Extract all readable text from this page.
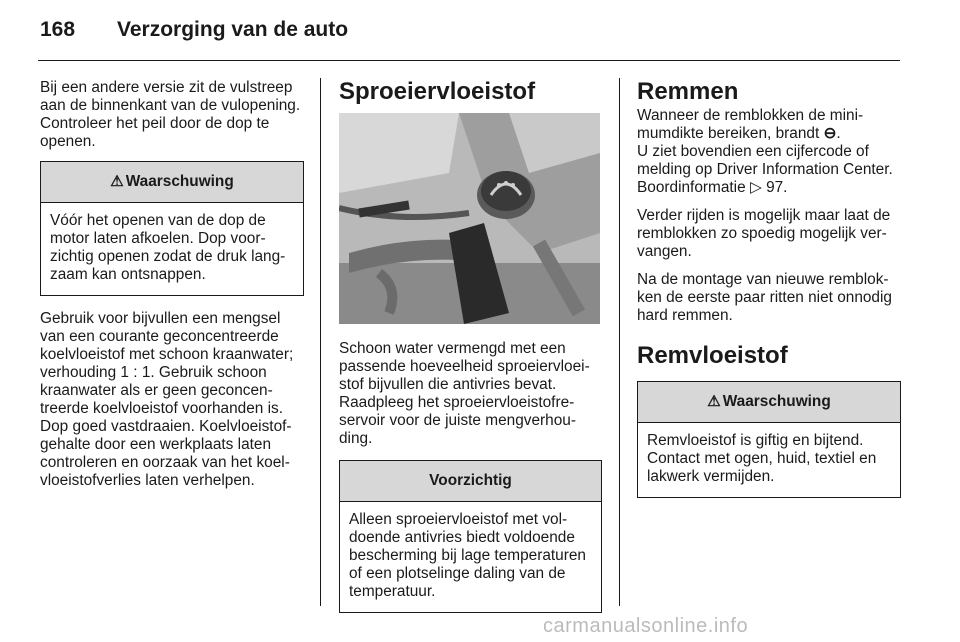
168 Verzorging van de auto

Bij een andere versie zit de vulstreep aan de binnenkant van de vulopening. Controleer het peil door de dop te openen.

⚠ Waarschuwing
Vóór het openen van de dop de motor laten afkoelen. Dop voorzichtig openen zodat de druk langzaam kan ontsnappen.

Gebruik voor bijvullen een mengsel van een courante geconcentreerde koelvloeistof met schoon kraanwater; verhouding 1 : 1. Gebruik schoon kraanwater als er geen geconcentreerde koelvloeistof voorhanden is. Dop goed vastdraaien. Koelvloeistofgehalte door een werkplaats laten controleren en oorzaak van het koelvloeistofverlies laten verhelpen.

Sproeiervloeistof

Schoon water vermengd met een passende hoeveelheid sproeiervloeistof bijvullen die antivries bevat. Raadpleeg het sproeiervloeistofreservoir voor de juiste mengverhouding.

Voorzichtig
Alleen sproeiervloeistof met voldoende antivries biedt voldoende bescherming bij lage temperaturen of een plotselinge daling van de temperatuur.
Remmen

Wanneer de remblokken de minimumdikte bereiken, brandt ⊖.

U ziet bovendien een cijfercode of melding op Driver Information Center. Boordinformatie ▷ 97.

Verder rijden is mogelijk maar laat de remblokken zo spoedig mogelijk vervangen.

Na de montage van nieuwe remblokken de eerste paar ritten niet onnodig hard remmen.

Remvloeistof
⚠ Waarschuwing
Remvloeistof is giftig en bijtend. Contact met ogen, huid, textiel en lakwerk vermijden.
carmanualsonline.info
